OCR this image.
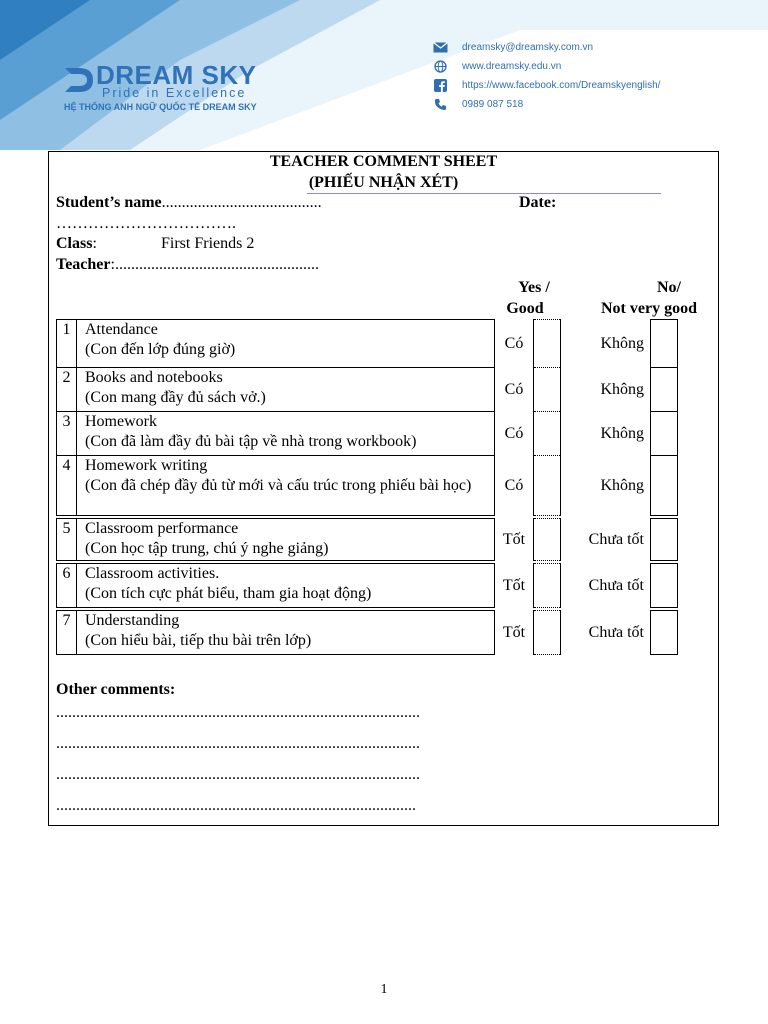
DREAM SKY
Pride in Excellence
HỆ THỐNG ANH NGỮ QUỐC TẾ DREAM SKY
dreamsky@dreamsky.com.vn
www.dreamsky.edu.vn
https://www.facebook.com/Dreamskyenglish/
0989 087 518
TEACHER COMMENT SHEET
(PHIẾU NHẬN XÉT)
Student’s name........................................	Date:
…………………………….
Class:	First Friends 2
Teacher:...................................................
Yes /
Good
No/
Not very good
1	Attendance
(Con đến lớp đúng giờ)	Có		Không	
2	Books and notebooks
(Con mang đầy đủ sách vở.)	Có		Không	
3	Homework
(Con đã làm đầy đủ bài tập về nhà trong workbook)	Có		Không	
4	Homework writing
(Con đã chép đầy đủ từ mới và cấu trúc trong phiếu bài học)	Có		Không	

5	Classroom performance
(Con học tập trung, chú ý nghe giảng)	Tốt		Chưa tốt	

6	Classroom activities.
(Con tích cực phát biểu, tham gia hoạt động)	Tốt		Chưa tốt	

7	Understanding
(Con hiểu bài, tiếp thu bài trên lớp)	Tốt		Chưa tốt	
Other comments:
...........................................................................................
...........................................................................................
...........................................................................................
..........................................................................................
1
